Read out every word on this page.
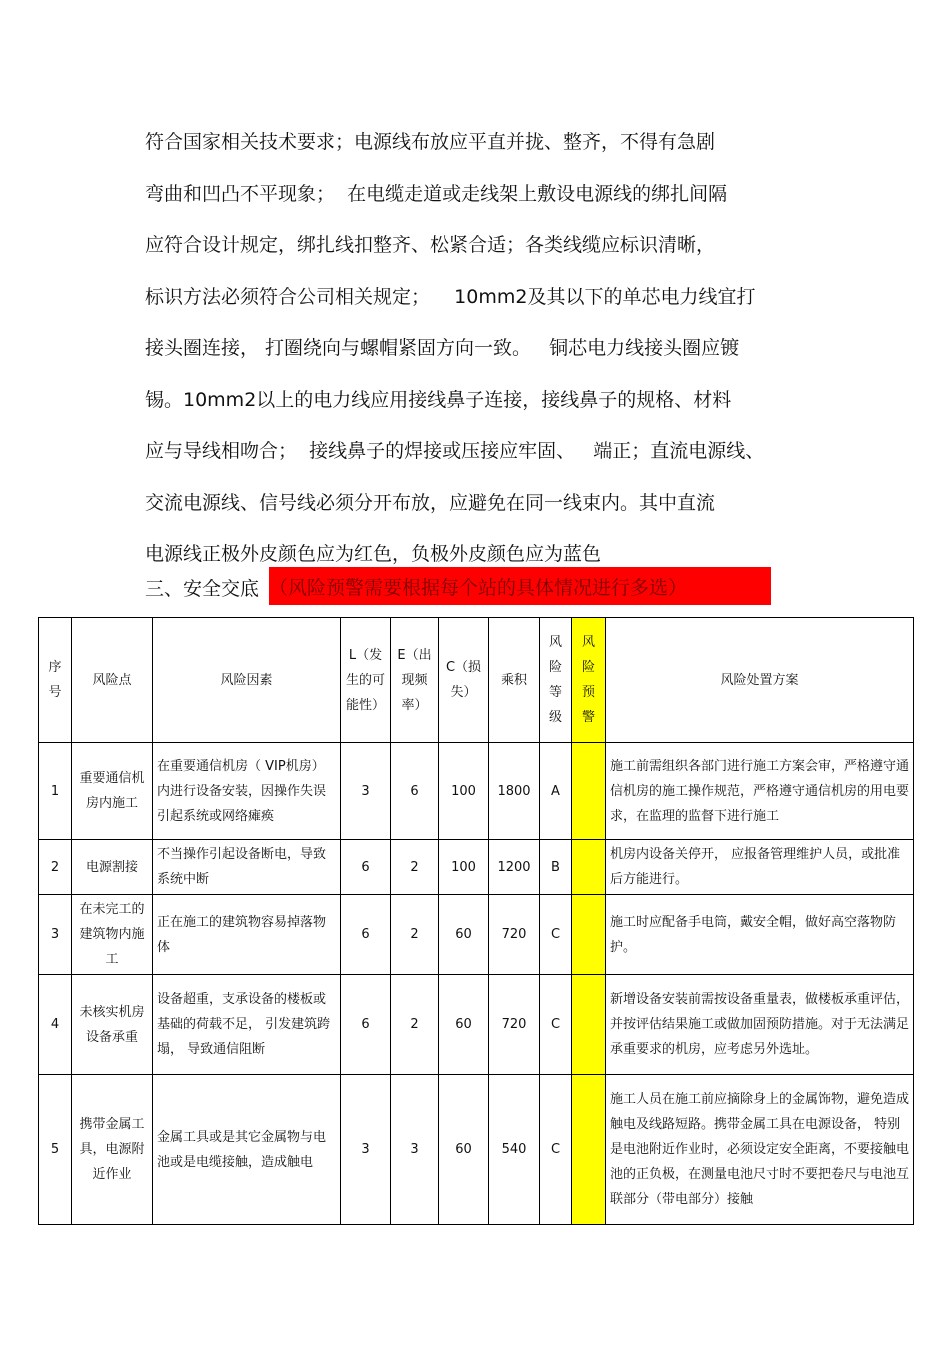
符合国家相关技术要求；电源线布放应平直并拢、整齐，不得有急剧
弯曲和凹凸不平现象；  在电缆走道或走线架上敷设电源线的绑扎间隔
应符合设计规定，绑扎线扣整齐、松紧合适；各类线缆应标识清晰，
标识方法必须符合公司相关规定；    10mm2及其以下的单芯电力线宜打
接头圈连接， 打圈绕向与螺帽紧固方向一致。   铜芯电力线接头圈应镀
锡。10mm2以上的电力线应用接线鼻子连接，接线鼻子的规格、材料
应与导线相吻合；  接线鼻子的焊接或压接应牢固、   端正；直流电源线、
交流电源线、信号线必须分开布放，应避免在同一线束内。其中直流
电源线正极外皮颜色应为红色，负极外皮颜色应为蓝色
三、安全交底 （风险预警需要根据每个站的具体情况进行多选）
序号	风险点	风险因素	L（发生的可能性）	E（出现频率）	C（损失）	乘积	风险等级	风险预警	风险处置方案
1	重要通信机房内施工	在重要通信机房（ VIP机房）内进行设备安装，因操作失误引起系统或网络瘫痪	3	6	100	1800	A		施工前需组织各部门进行施工方案会审，严格遵守通信机房的施工操作规范，严格遵守通信机房的用电要求，在监理的监督下进行施工
2	电源割接	不当操作引起设备断电，导致系统中断	6	2	100	1200	B		机房内设备关停开， 应报备管理维护人员，或批准后方能进行。
3	在未完工的建筑物内施工	正在施工的建筑物容易掉落物体	6	2	60	720	C		施工时应配备手电筒，戴安全帽，做好高空落物防护。
4	未核实机房设备承重	设备超重，支承设备的楼板或基础的荷载不足， 引发建筑跨塌， 导致通信阻断	6	2	60	720	C		新增设备安装前需按设备重量表，做楼板承重评估，并按评估结果施工或做加固预防措施。对于无法满足承重要求的机房，应考虑另外选址。
5	携带金属工具，电源附近作业	金属工具或是其它金属物与电池或是电缆接触，造成触电	3	3	60	540	C		施工人员在施工前应摘除身上的金属饰物，避免造成触电及线路短路。携带金属工具在电源设备， 特别是电池附近作业时，必须设定安全距离，不要接触电池的正负极，在测量电池尺寸时不要把卷尺与电池互联部分（带电部分）接触
